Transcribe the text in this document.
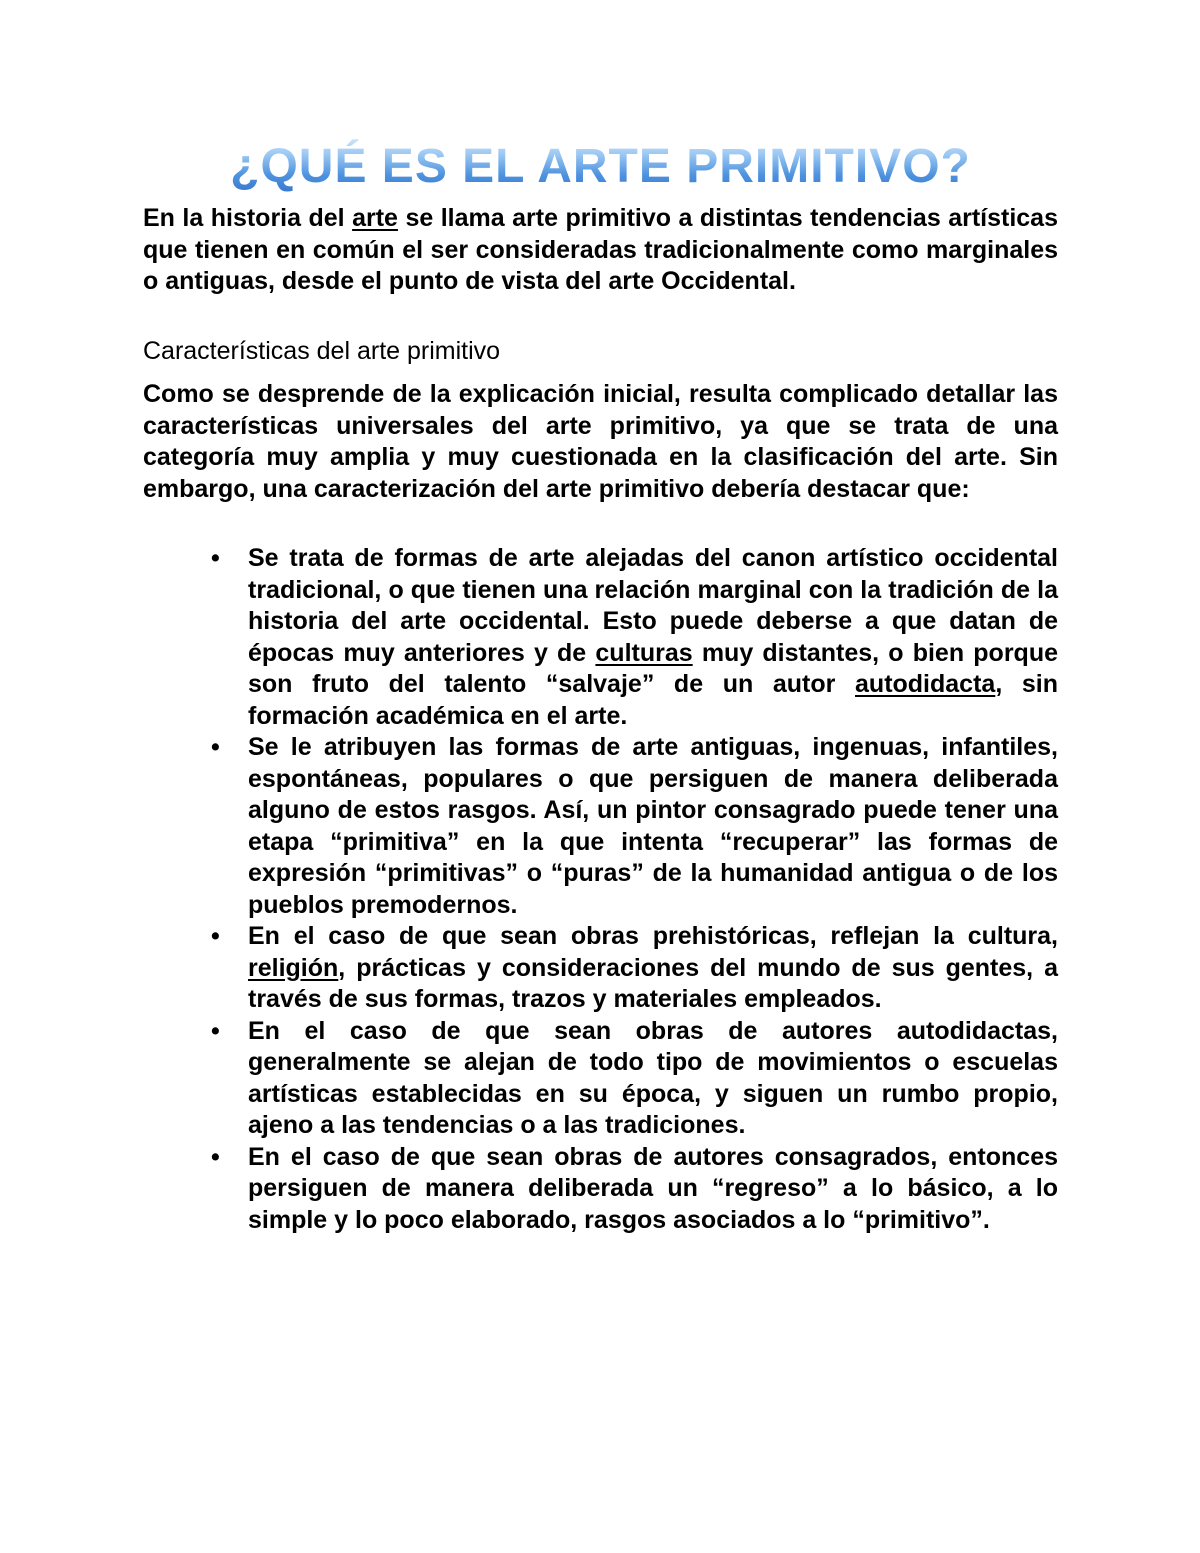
¿QUÉ ES EL ARTE PRIMITIVO?

En la historia del arte se llama arte primitivo a distintas tendencias artísticas que tienen en común el ser consideradas tradicionalmente como marginales o antiguas, desde el punto de vista del arte Occidental.

Características del arte primitivo

Como se desprende de la explicación inicial, resulta complicado detallar las características universales del arte primitivo, ya que se trata de una categoría muy amplia y muy cuestionada en la clasificación del arte. Sin embargo, una caracterización del arte primitivo debería destacar que:

• Se trata de formas de arte alejadas del canon artístico occidental tradicional, o que tienen una relación marginal con la tradición de la historia del arte occidental. Esto puede deberse a que datan de épocas muy anteriores y de culturas muy distantes, o bien porque son fruto del talento “salvaje” de un autor autodidacta, sin formación académica en el arte.
• Se le atribuyen las formas de arte antiguas, ingenuas, infantiles, espontáneas, populares o que persiguen de manera deliberada alguno de estos rasgos. Así, un pintor consagrado puede tener una etapa “primitiva” en la que intenta “recuperar” las formas de expresión “primitivas” o “puras” de la humanidad antigua o de los pueblos premodernos.
• En el caso de que sean obras prehistóricas, reflejan la cultura, religión, prácticas y consideraciones del mundo de sus gentes, a través de sus formas, trazos y materiales empleados.
• En el caso de que sean obras de autores autodidactas, generalmente se alejan de todo tipo de movimientos o escuelas artísticas establecidas en su época, y siguen un rumbo propio, ajeno a las tendencias o a las tradiciones.
• En el caso de que sean obras de autores consagrados, entonces persiguen de manera deliberada un “regreso” a lo básico, a lo simple y lo poco elaborado, rasgos asociados a lo “primitivo”.
